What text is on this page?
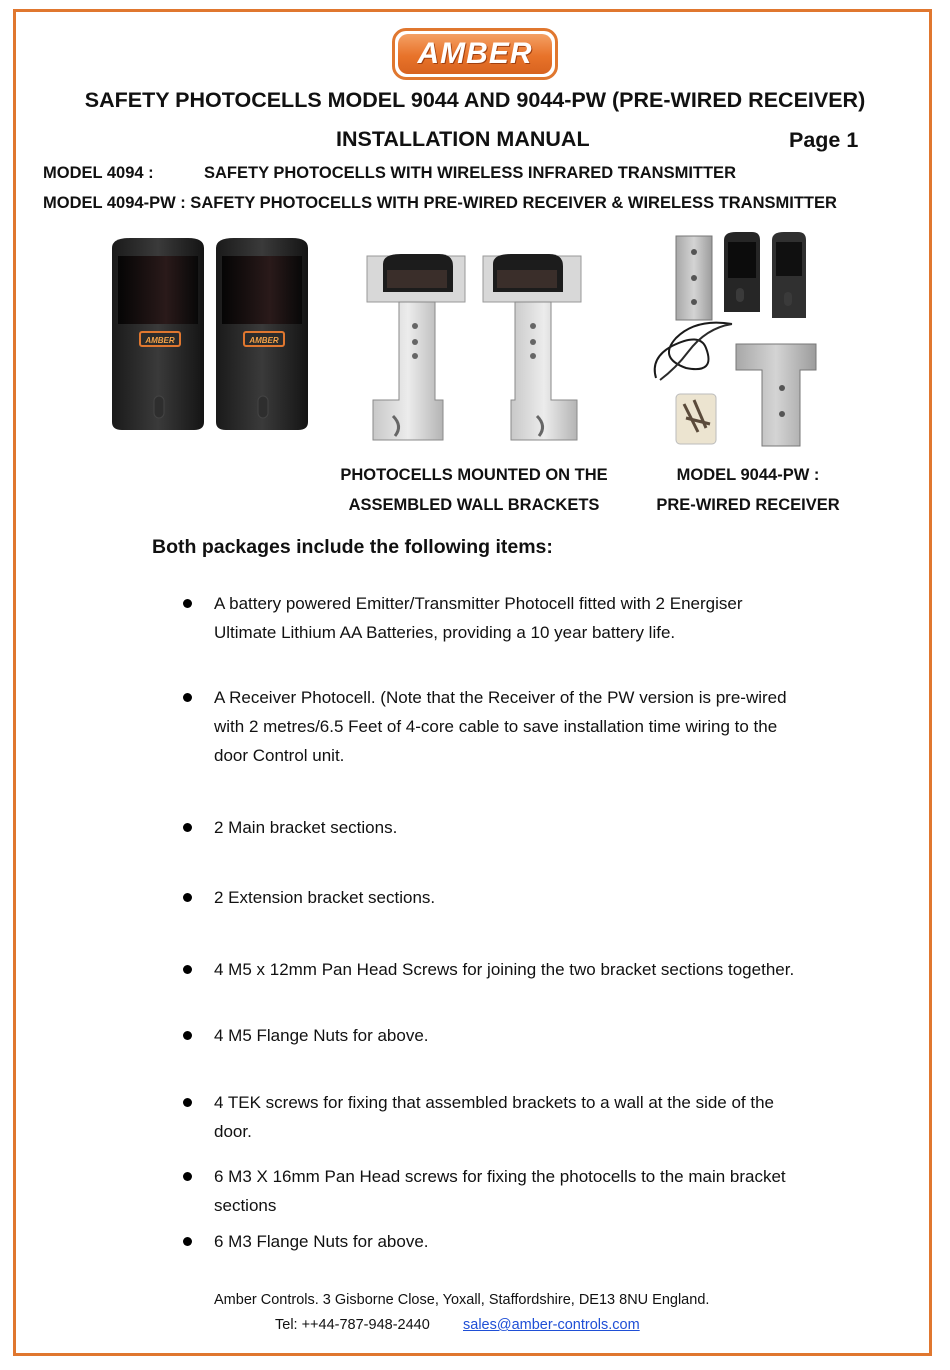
AMBER
SAFETY PHOTOCELLS MODEL 9044 AND 9044-PW (PRE-WIRED RECEIVER)
INSTALLATION MANUAL	Page 1
MODEL 4094 :	SAFETY PHOTOCELLS WITH WIRELESS INFRARED TRANSMITTER
MODEL 4094-PW : SAFETY PHOTOCELLS WITH PRE-WIRED RECEIVER & WIRELESS TRANSMITTER
AMBER	AMBER
PHOTOCELLS MOUNTED ON THE
ASSEMBLED WALL BRACKETS
MODEL 9044-PW :
PRE-WIRED RECEIVER
Both packages include the following items:
A battery powered Emitter/Transmitter Photocell fitted with 2 Energiser
Ultimate Lithium AA Batteries, providing a 10 year battery life.
A Receiver Photocell. (Note that the Receiver of the PW version is pre-wired
with 2 metres/6.5 Feet of 4-core cable to save installation time wiring to the
door Control unit.
2 Main bracket sections.
2 Extension bracket sections.
4 M5 x 12mm Pan Head Screws for joining the two bracket sections together.
4 M5 Flange Nuts for above.
4 TEK screws for fixing that assembled brackets to a wall at the side of the
door.
6 M3 X 16mm Pan Head screws for fixing the photocells to the main bracket
sections
6 M3 Flange Nuts for above.
Amber Controls. 3 Gisborne Close, Yoxall, Staffordshire, DE13 8NU England.
Tel: ++44-787-948-2440 sales@amber-controls.com
